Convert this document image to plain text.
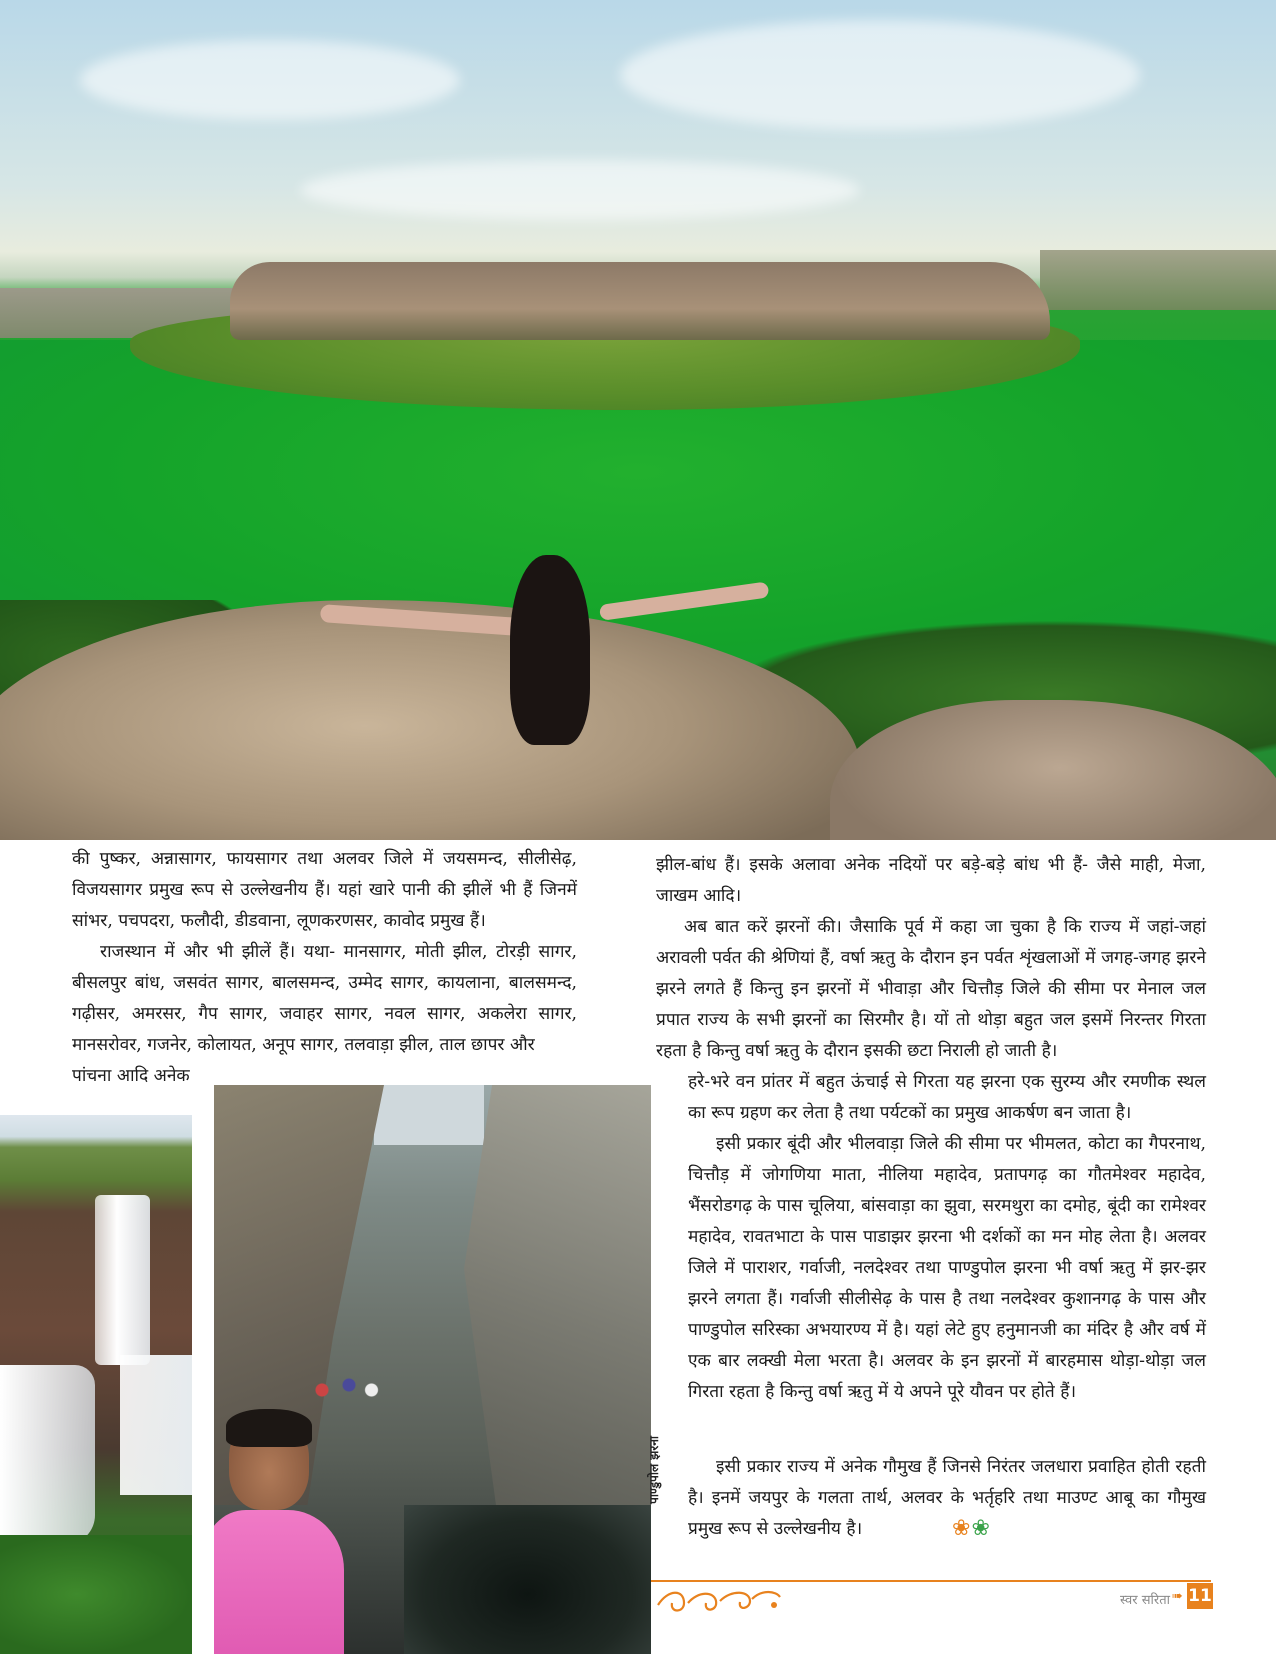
की पुष्कर, अन्नासागर, फायसागर तथा अलवर जिले में जयसमन्द, सीलीसेढ़, विजयसागर प्रमुख रूप से उल्लेखनीय हैं। यहां खारे पानी की झीलें भी हैं जिनमें सांभर, पचपदरा, फलौदी, डीडवाना, लूणकरणसर, कावोद प्रमुख हैं।
राजस्थान में और भी झीलें हैं। यथा- मानसागर, मोती झील, टोरड़ी सागर, बीसलपुर बांध, जसवंत सागर, बालसमन्द, उम्मेद सागर, कायलाना, बालसमन्द, गढ़ीसर, अमरसर, गैप सागर, जवाहर सागर, नवल सागर, अकलेरा सागर, मानसरोवर, गजनेर, कोलायत, अनूप सागर, तलवाड़ा झील, ताल छापर और
पांचना आदि अनेक
पाण्डुपोल झरना
झील-बांध हैं। इसके अलावा अनेक नदियों पर बड़े-बड़े बांध भी हैं- जैसे माही, मेजा, जाखम आदि।
अब बात करें झरनों की। जैसाकि पूर्व में कहा जा चुका है कि राज्य में जहां-जहां अरावली पर्वत की श्रेणियां हैं, वर्षा ऋतु के दौरान इन पर्वत शृंखलाओं में जगह-जगह झरने झरने लगते हैं किन्तु इन झरनों में भीवाड़ा और चित्तौड़ जिले की सीमा पर मेनाल जल प्रपात राज्य के सभी झरनों का सिरमौर है। यों तो थोड़ा बहुत जल इसमें निरन्तर गिरता रहता है किन्तु वर्षा ऋतु के दौरान इसकी छटा निराली हो जाती है।
हरे-भरे वन प्रांतर में बहुत ऊंचाई से गिरता यह झरना एक सुरम्य और रमणीक स्थल का रूप ग्रहण कर लेता है तथा पर्यटकों का प्रमुख आकर्षण बन जाता है।
इसी प्रकार बूंदी और भीलवाड़ा जिले की सीमा पर भीमलत, कोटा का गैपरनाथ, चित्तौड़ में जोगणिया माता, नीलिया महादेव, प्रतापगढ़ का गौतमेश्वर महादेव, भैंसरोडगढ़ के पास चूलिया, बांसवाड़ा का झुवा, सरमथुरा का दमोह, बूंदी का रामेश्वर महादेव, रावतभाटा के पास पाडाझर झरना भी दर्शकों का मन मोह लेता है। अलवर जिले में पाराशर, गर्वाजी, नलदेश्वर तथा पाण्डुपोल झरना भी वर्षा ऋतु में झर-झर झरने लगता हैं। गर्वाजी सीलीसेढ़ के पास है तथा नलदेश्वर कुशानगढ़ के पास और पाण्डुपोल सरिस्का अभयारण्य में है। यहां लेटे हुए हनुमानजी का मंदिर है और वर्ष में एक बार लक्खी मेला भरता है। अलवर के इन झरनों में बारहमास थोड़ा-थोड़ा जल गिरता रहता है किन्तु वर्षा ऋतु में ये अपने पूरे यौवन पर होते हैं।
इसी प्रकार राज्य में अनेक गौमुख हैं जिनसे निरंतर जलधारा प्रवाहित होती रहती है। इनमें जयपुर के गलता तार्थ, अलवर के भर्तृहरि तथा माउण्ट आबू का गौमुख प्रमुख रूप से उल्लेखनीय है।	❀❀
स्वर सरिता ➠ 11
